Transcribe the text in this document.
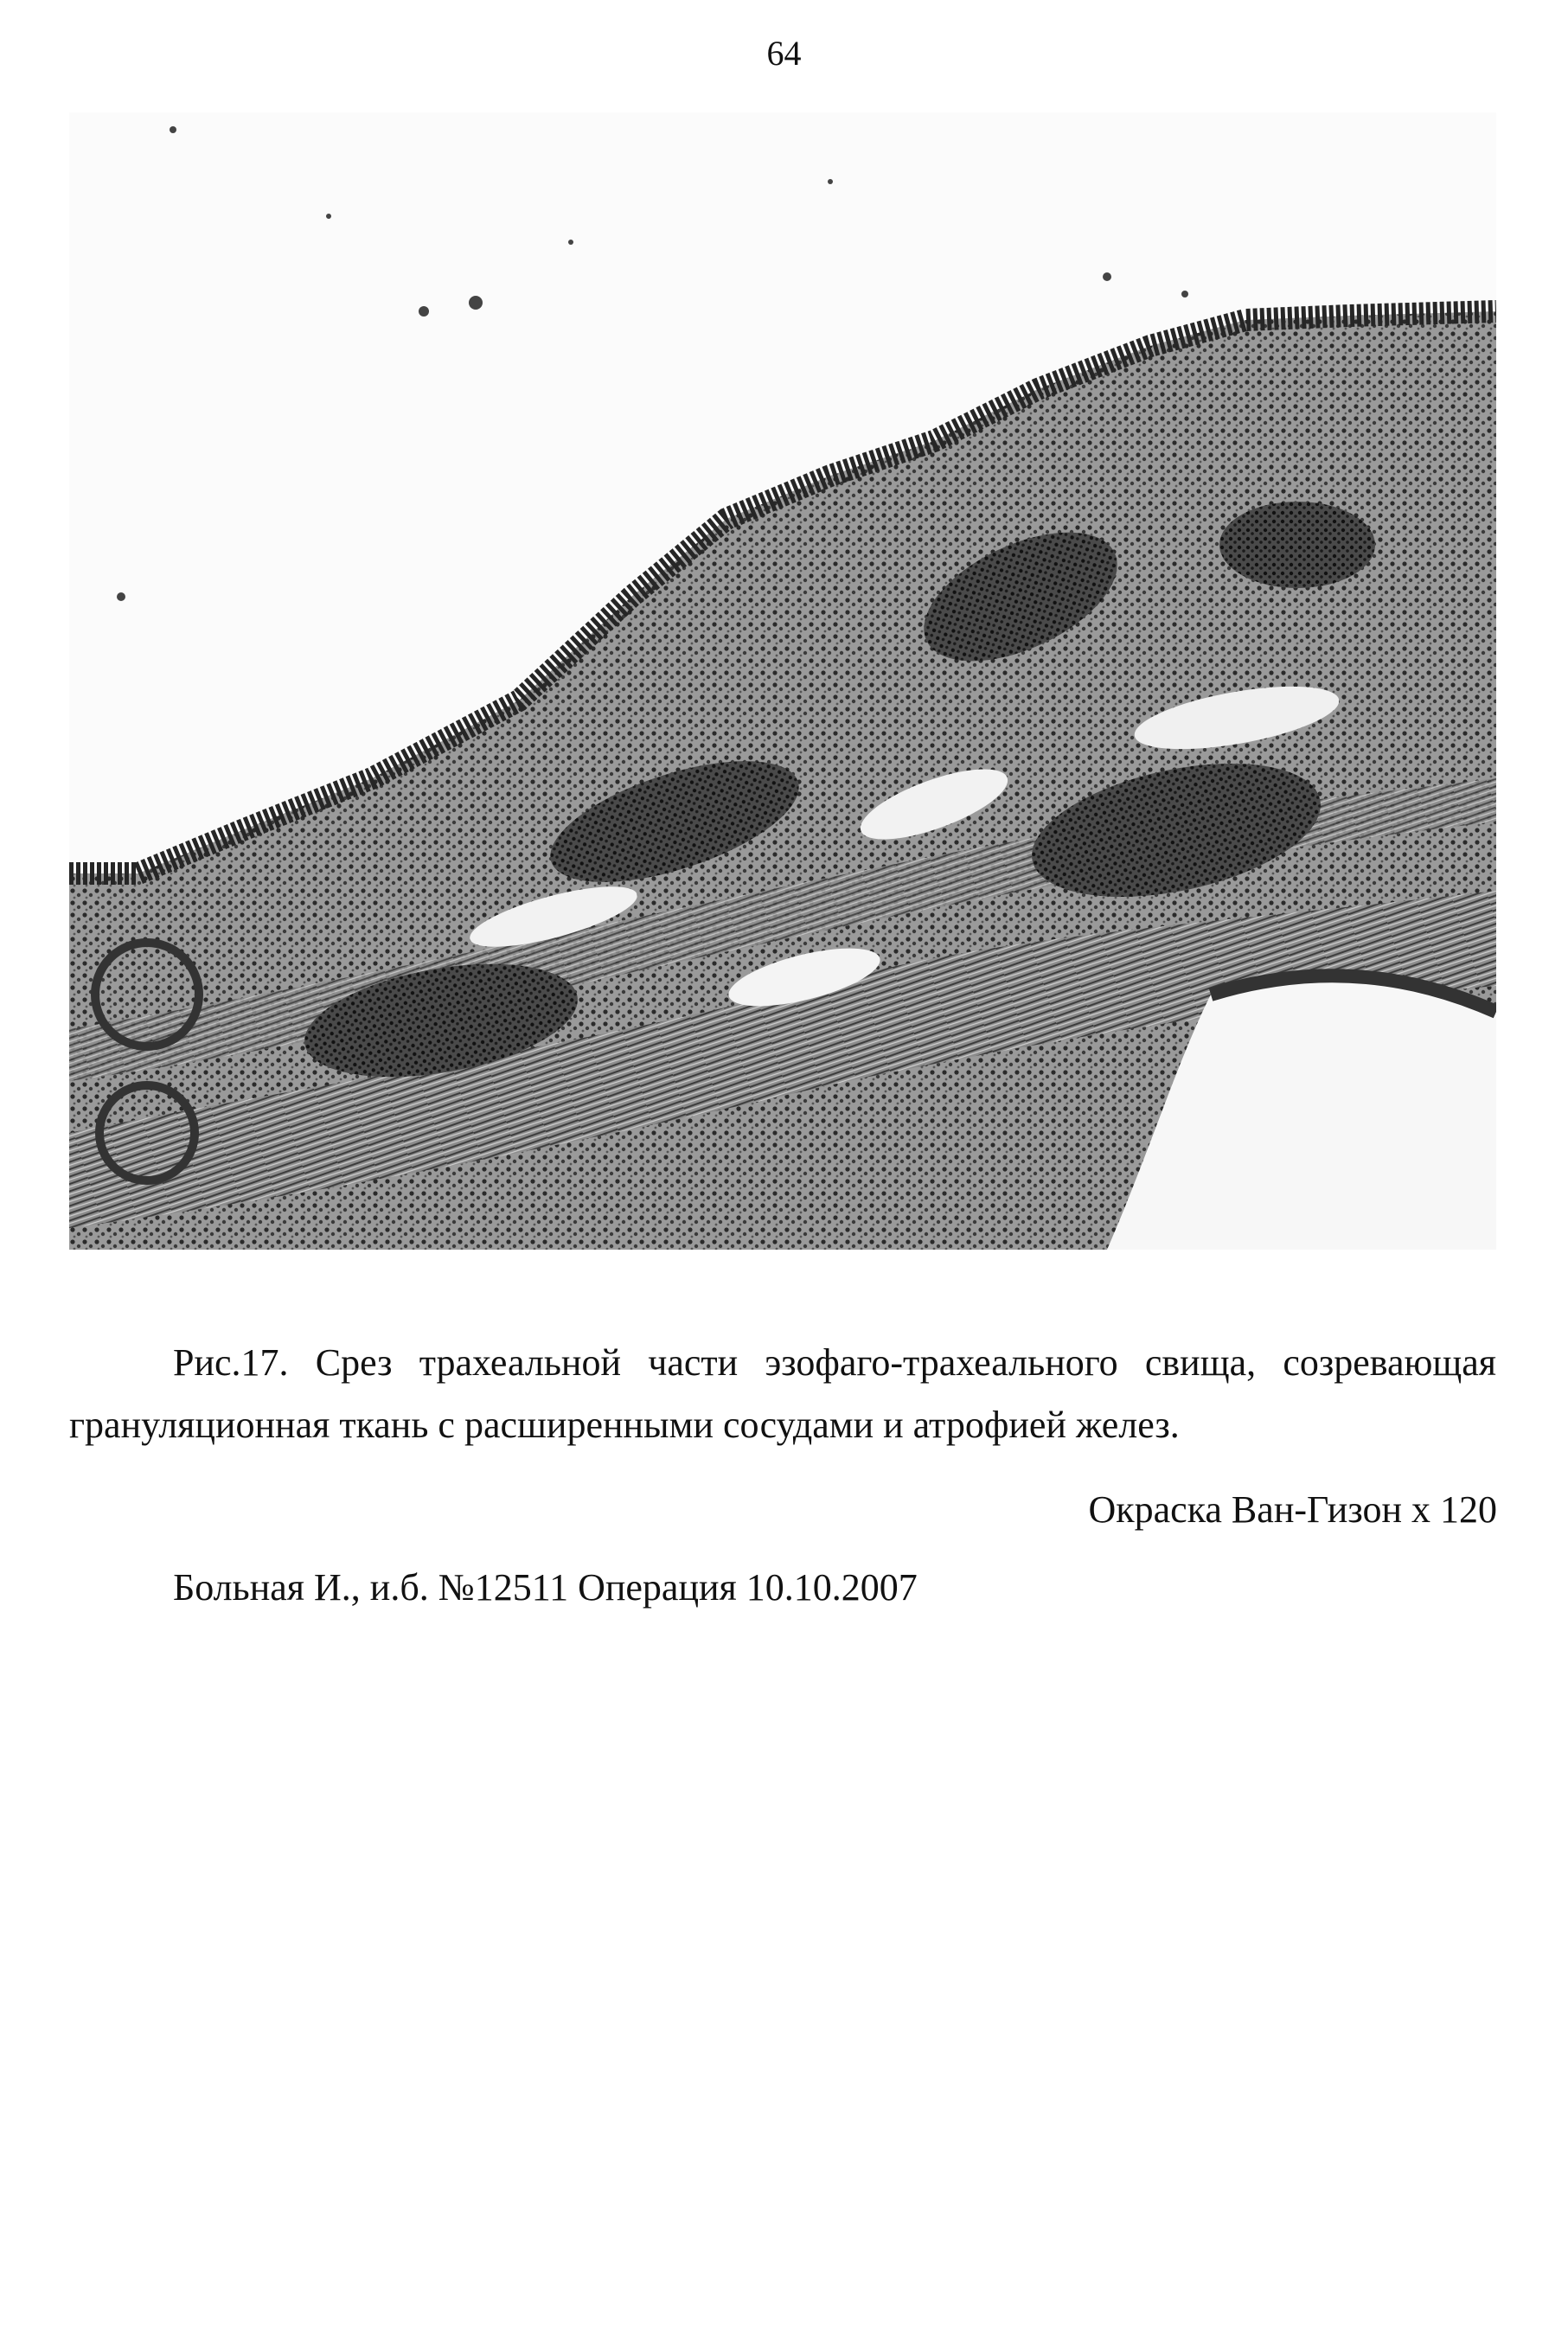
64
Рис.17. Срез трахеальной части эзофаго-трахеального свища, созревающая грануляционная ткань с расширенными сосудами и атрофией желез.
Окраска Ван-Гизон х 120
Больная И., и.б. №12511 Операция 10.10.2007
